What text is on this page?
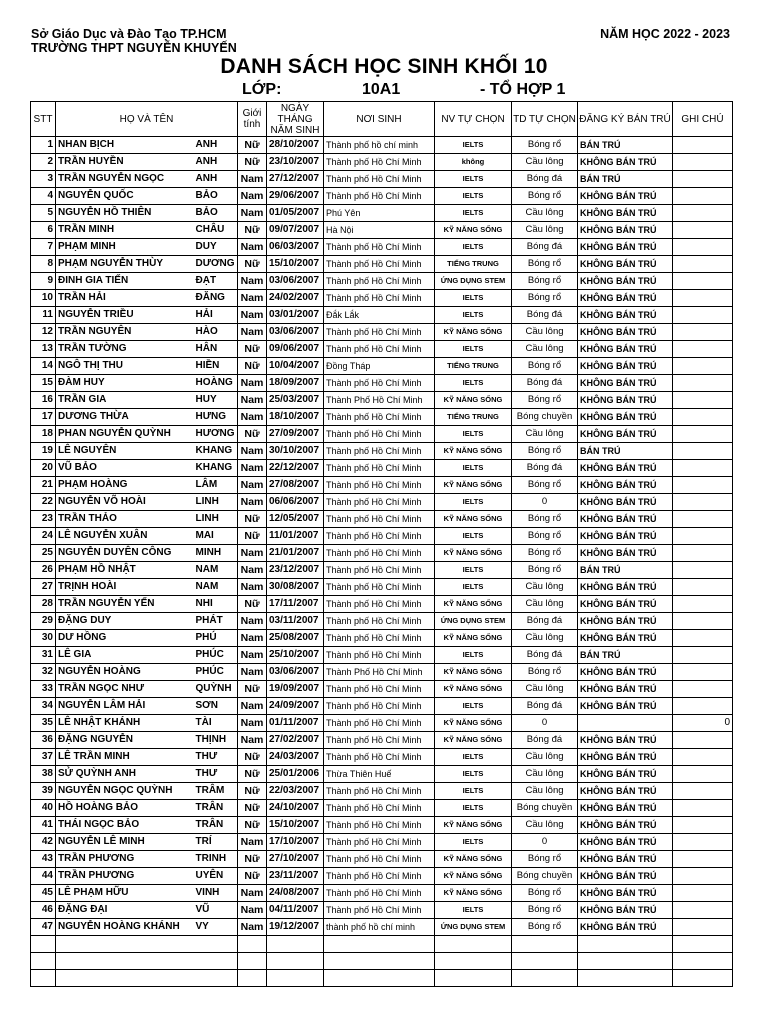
Sở Giáo Dục và Đào Tạo TP.HCM
TRƯỜNG THPT NGUYỄN KHUYẾN
NĂM HỌC 2022 - 2023
DANH SÁCH HỌC SINH KHỐI 10
LỚP:	10A1	- TỔ HỢP 1
STT	HỌ VÀ TÊN		Giới tính	NGÀY THÁNG NĂM SINH	NƠI SINH	NV TỰ CHỌN	TD TỰ CHỌN	ĐĂNG KÝ BÁN TRÚ	GHI CHÚ
1	NHAN BỊCH	ANH	Nữ	28/10/2007	Thành phố hồ chí minh	IELTS	Bóng rổ	BÁN TRÚ	
2	TRẦN HUYỀN	ANH	Nữ	23/10/2007	Thành phố Hồ Chí Minh	không	Cầu lông	KHÔNG BÁN TRÚ	
3	TRẦN NGUYỄN NGỌC	ANH	Nam	27/12/2007	Thành phố Hồ Chí Minh	IELTS	Bóng đá	BÁN TRÚ	
4	NGUYỄN QUỐC	BẢO	Nam	29/06/2007	Thành phố Hồ Chí Minh	IELTS	Bóng rổ	KHÔNG BÁN TRÚ	
5	NGUYỄN HỒ THIÊN	BẢO	Nam	01/05/2007	Phú Yên	IELTS	Cầu lông	KHÔNG BÁN TRÚ	
6	TRẦN MINH	CHÂU	Nữ	09/07/2007	Hà Nội	KỸ NĂNG SỐNG	Cầu lông	KHÔNG BÁN TRÚ	
7	PHẠM MINH	DUY	Nam	06/03/2007	Thành phố Hồ Chí Minh	IELTS	Bóng đá	KHÔNG BÁN TRÚ	
8	PHẠM NGUYỄN THÙY	DƯƠNG	Nữ	15/10/2007	Thành phố Hồ Chí Minh	TIẾNG TRUNG	Bóng rổ	KHÔNG BÁN TRÚ	
9	ĐINH GIA TIẾN	ĐẠT	Nam	03/06/2007	Thành phố Hồ Chí Minh	ỨNG DỤNG STEM	Bóng rổ	KHÔNG BÁN TRÚ	
10	TRẦN HẢI	ĐĂNG	Nam	24/02/2007	Thành phố Hồ Chí Minh	IELTS	Bóng rổ	KHÔNG BÁN TRÚ	
11	NGUYỄN TRIỀU	HẢI	Nam	03/01/2007	Đắk Lắk	IELTS	Bóng đá	KHÔNG BÁN TRÚ	
12	TRẦN NGUYÊN	HÀO	Nam	03/06/2007	Thành phố Hồ Chí Minh	KỸ NĂNG SỐNG	Cầu lông	KHÔNG BÁN TRÚ	
13	TRẦN TƯỜNG	HÂN	Nữ	09/06/2007	Thành phố Hồ Chí Minh	IELTS	Cầu lông	KHÔNG BÁN TRÚ	
14	NGÔ THỊ THU	HIỀN	Nữ	10/04/2007	Đồng Tháp	TIẾNG TRUNG	Bóng rổ	KHÔNG BÁN TRÚ	
15	ĐÀM HUY	HOÀNG	Nam	18/09/2007	Thành phố Hồ Chí Minh	IELTS	Bóng đá	KHÔNG BÁN TRÚ	
16	TRẦN GIA	HUY	Nam	25/03/2007	Thành Phố Hồ Chí Minh	KỸ NĂNG SỐNG	Bóng rổ	KHÔNG BÁN TRÚ	
17	DƯƠNG THỪA	HƯNG	Nam	18/10/2007	Thành phố Hồ Chí Minh	TIẾNG TRUNG	Bóng chuyền	KHÔNG BÁN TRÚ	
18	PHAN NGUYỄN QUỲNH	HƯƠNG	Nữ	27/09/2007	Thành phố Hồ Chí Minh	IELTS	Cầu lông	KHÔNG BÁN TRÚ	
19	LÊ NGUYÊN	KHANG	Nam	30/10/2007	Thành phố Hồ Chí Minh	KỸ NĂNG SỐNG	Bóng rổ	BÁN TRÚ	
20	VŨ BẢO	KHANG	Nam	22/12/2007	Thành phố Hồ Chí Minh	IELTS	Bóng đá	KHÔNG BÁN TRÚ	
21	PHẠM HOÀNG	LÂM	Nam	27/08/2007	Thành phố Hồ Chí Minh	KỸ NĂNG SỐNG	Bóng rổ	KHÔNG BÁN TRÚ	
22	NGUYỄN VÕ HOÀI	LINH	Nam	06/06/2007	Thành phố Hồ Chí Minh	IELTS	0	KHÔNG BÁN TRÚ	
23	TRẦN THẢO	LINH	Nữ	12/05/2007	Thành phố Hồ Chí Minh	KỸ NĂNG SỐNG	Bóng rổ	KHÔNG BÁN TRÚ	
24	LÊ NGUYỄN XUÂN	MAI	Nữ	11/01/2007	Thành phố Hồ Chí Minh	IELTS	Bóng rổ	KHÔNG BÁN TRÚ	
25	NGUYỄN DUYÊN CÔNG	MINH	Nam	21/01/2007	Thành phố Hồ Chí Minh	KỸ NĂNG SỐNG	Bóng rổ	KHÔNG BÁN TRÚ	
26	PHẠM HỒ NHẬT	NAM	Nam	23/12/2007	Thành phố Hồ Chí Minh	IELTS	Bóng rổ	BÁN TRÚ	
27	TRỊNH HOÀI	NAM	Nam	30/08/2007	Thành phố Hồ Chí Minh	IELTS	Cầu lông	KHÔNG BÁN TRÚ	
28	TRẦN NGUYỄN YẾN	NHI	Nữ	17/11/2007	Thành phố Hồ Chí Minh	KỸ NĂNG SỐNG	Cầu lông	KHÔNG BÁN TRÚ	
29	ĐẶNG DUY	PHÁT	Nam	03/11/2007	Thành phố Hồ Chí Minh	ỨNG DỤNG STEM	Bóng đá	KHÔNG BÁN TRÚ	
30	DƯ HỒNG	PHÚ	Nam	25/08/2007	Thành phố Hồ Chí Minh	KỸ NĂNG SỐNG	Cầu lông	KHÔNG BÁN TRÚ	
31	LÊ GIA	PHÚC	Nam	25/10/2007	Thành phố Hồ Chí Minh	IELTS	Bóng đá	BÁN TRÚ	
32	NGUYỄN HOÀNG	PHÚC	Nam	03/06/2007	Thành Phố Hồ Chí Minh	KỸ NĂNG SỐNG	Bóng rổ	KHÔNG BÁN TRÚ	
33	TRẦN NGỌC NHƯ	QUỲNH	Nữ	19/09/2007	Thành phố Hồ Chí Minh	KỸ NĂNG SỐNG	Cầu lông	KHÔNG BÁN TRÚ	
34	NGUYỄN LÂM HẢI	SƠN	Nam	24/09/2007	Thành phố Hồ Chí Minh	IELTS	Bóng đá	KHÔNG BÁN TRÚ	
35	LÊ NHẬT KHÁNH	TÀI	Nam	01/11/2007	Thành phố Hồ Chí Minh	KỸ NĂNG SỐNG	0		0
36	ĐẶNG NGUYỄN	THỊNH	Nam	27/02/2007	Thành phố Hồ Chí Minh	KỸ NĂNG SỐNG	Bóng đá	KHÔNG BÁN TRÚ	
37	LÊ TRẦN MINH	THƯ	Nữ	24/03/2007	Thành phố Hồ Chí Minh	IELTS	Cầu lông	KHÔNG BÁN TRÚ	
38	SỬ QUỲNH ANH	THƯ	Nữ	25/01/2006	Thừa Thiên Huế	IELTS	Cầu lông	KHÔNG BÁN TRÚ	
39	NGUYỄN NGỌC QUỲNH	TRÂM	Nữ	22/03/2007	Thành phố Hồ Chí Minh	IELTS	Cầu lông	KHÔNG BÁN TRÚ	
40	HỒ HOÀNG BẢO	TRÂN	Nữ	24/10/2007	Thành phố Hồ Chí Minh	IELTS	Bóng chuyền	KHÔNG BÁN TRÚ	
41	THÁI NGỌC BẢO	TRÂN	Nữ	15/10/2007	Thành phố Hồ Chí Minh	KỸ NĂNG SỐNG	Cầu lông	KHÔNG BÁN TRÚ	
42	NGUYỄN LÊ MINH	TRÍ	Nam	17/10/2007	Thành phố Hồ Chí Minh	IELTS	0	KHÔNG BÁN TRÚ	
43	TRẦN PHƯƠNG	TRINH	Nữ	27/10/2007	Thành phố Hồ Chí Minh	KỸ NĂNG SỐNG	Bóng rổ	KHÔNG BÁN TRÚ	
44	TRẦN PHƯƠNG	UYÊN	Nữ	23/11/2007	Thành phố Hồ Chí Minh	KỸ NĂNG SỐNG	Bóng chuyền	KHÔNG BÁN TRÚ	
45	LÊ PHẠM HỮU	VINH	Nam	24/08/2007	Thành phố Hồ Chí Minh	KỸ NĂNG SỐNG	Bóng rổ	KHÔNG BÁN TRÚ	
46	ĐẶNG ĐẠI	VŨ	Nam	04/11/2007	Thành phố Hồ Chí Minh	IELTS	Bóng rổ	KHÔNG BÁN TRÚ	
47	NGUYỄN HOÀNG KHÁNH	VY	Nam	19/12/2007	thành phố hồ chí minh	ỨNG DỤNG STEM	Bóng rổ	KHÔNG BÁN TRÚ	
